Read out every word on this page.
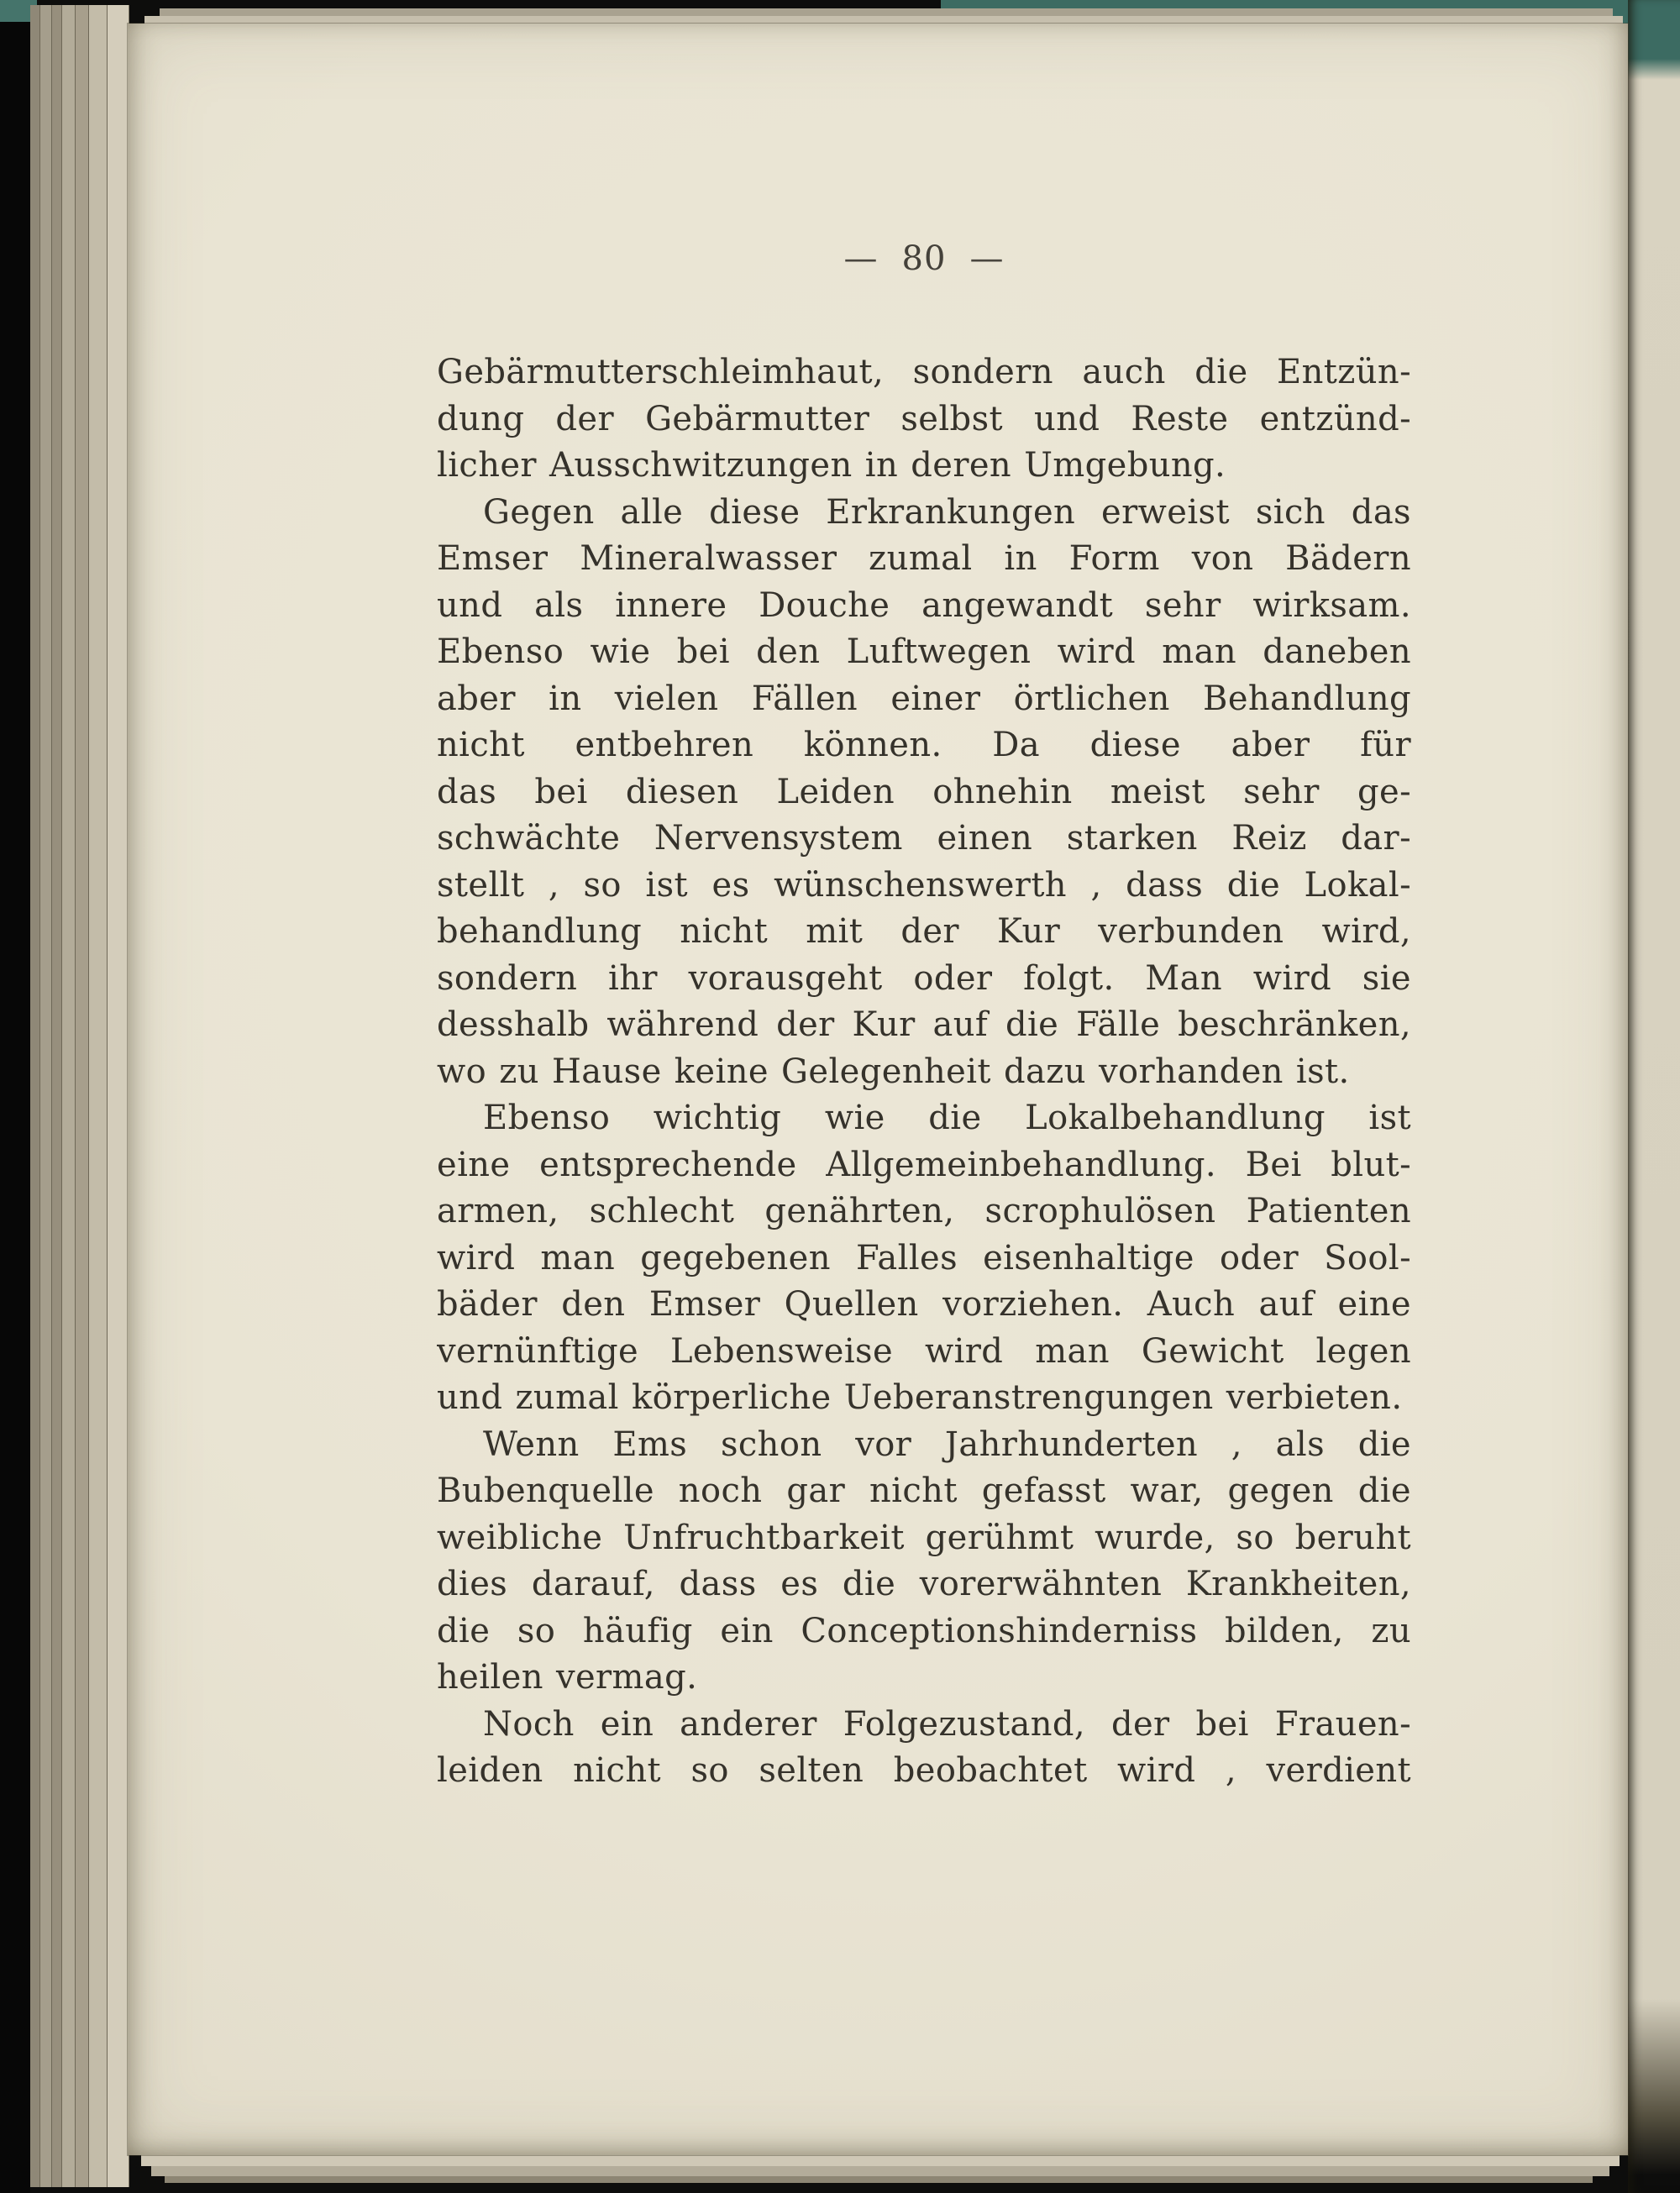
— 80 —
Gebärmutterschleimhaut, sondern auch die Entzün-
dung der Gebärmutter selbst und Reste entzünd-
licher Ausschwitzungen in deren Umgebung.
Gegen alle diese Erkrankungen erweist sich das
Emser Mineralwasser zumal in Form von Bädern
und als innere Douche angewandt sehr wirksam.
Ebenso wie bei den Luftwegen wird man daneben
aber in vielen Fällen einer örtlichen Behandlung
nicht entbehren können. Da diese aber für
das bei diesen Leiden ohnehin meist sehr ge-
schwächte Nervensystem einen starken Reiz dar-
stellt , so ist es wünschenswerth , dass die Lokal-
behandlung nicht mit der Kur verbunden wird,
sondern ihr vorausgeht oder folgt. Man wird sie
desshalb während der Kur auf die Fälle beschränken,
wo zu Hause keine Gelegenheit dazu vorhanden ist.
Ebenso wichtig wie die Lokalbehandlung ist
eine entsprechende Allgemeinbehandlung. Bei blut-
armen, schlecht genährten, scrophulösen Patienten
wird man gegebenen Falles eisenhaltige oder Sool-
bäder den Emser Quellen vorziehen. Auch auf eine
vernünftige Lebensweise wird man Gewicht legen
und zumal körperliche Ueberanstrengungen verbieten.
Wenn Ems schon vor Jahrhunderten , als die
Bubenquelle noch gar nicht gefasst war, gegen die
weibliche Unfruchtbarkeit gerühmt wurde, so beruht
dies darauf, dass es die vorerwähnten Krankheiten,
die so häufig ein Conceptionshinderniss bilden, zu
heilen vermag.
Noch ein anderer Folgezustand, der bei Frauen-
leiden nicht so selten beobachtet wird , verdient
